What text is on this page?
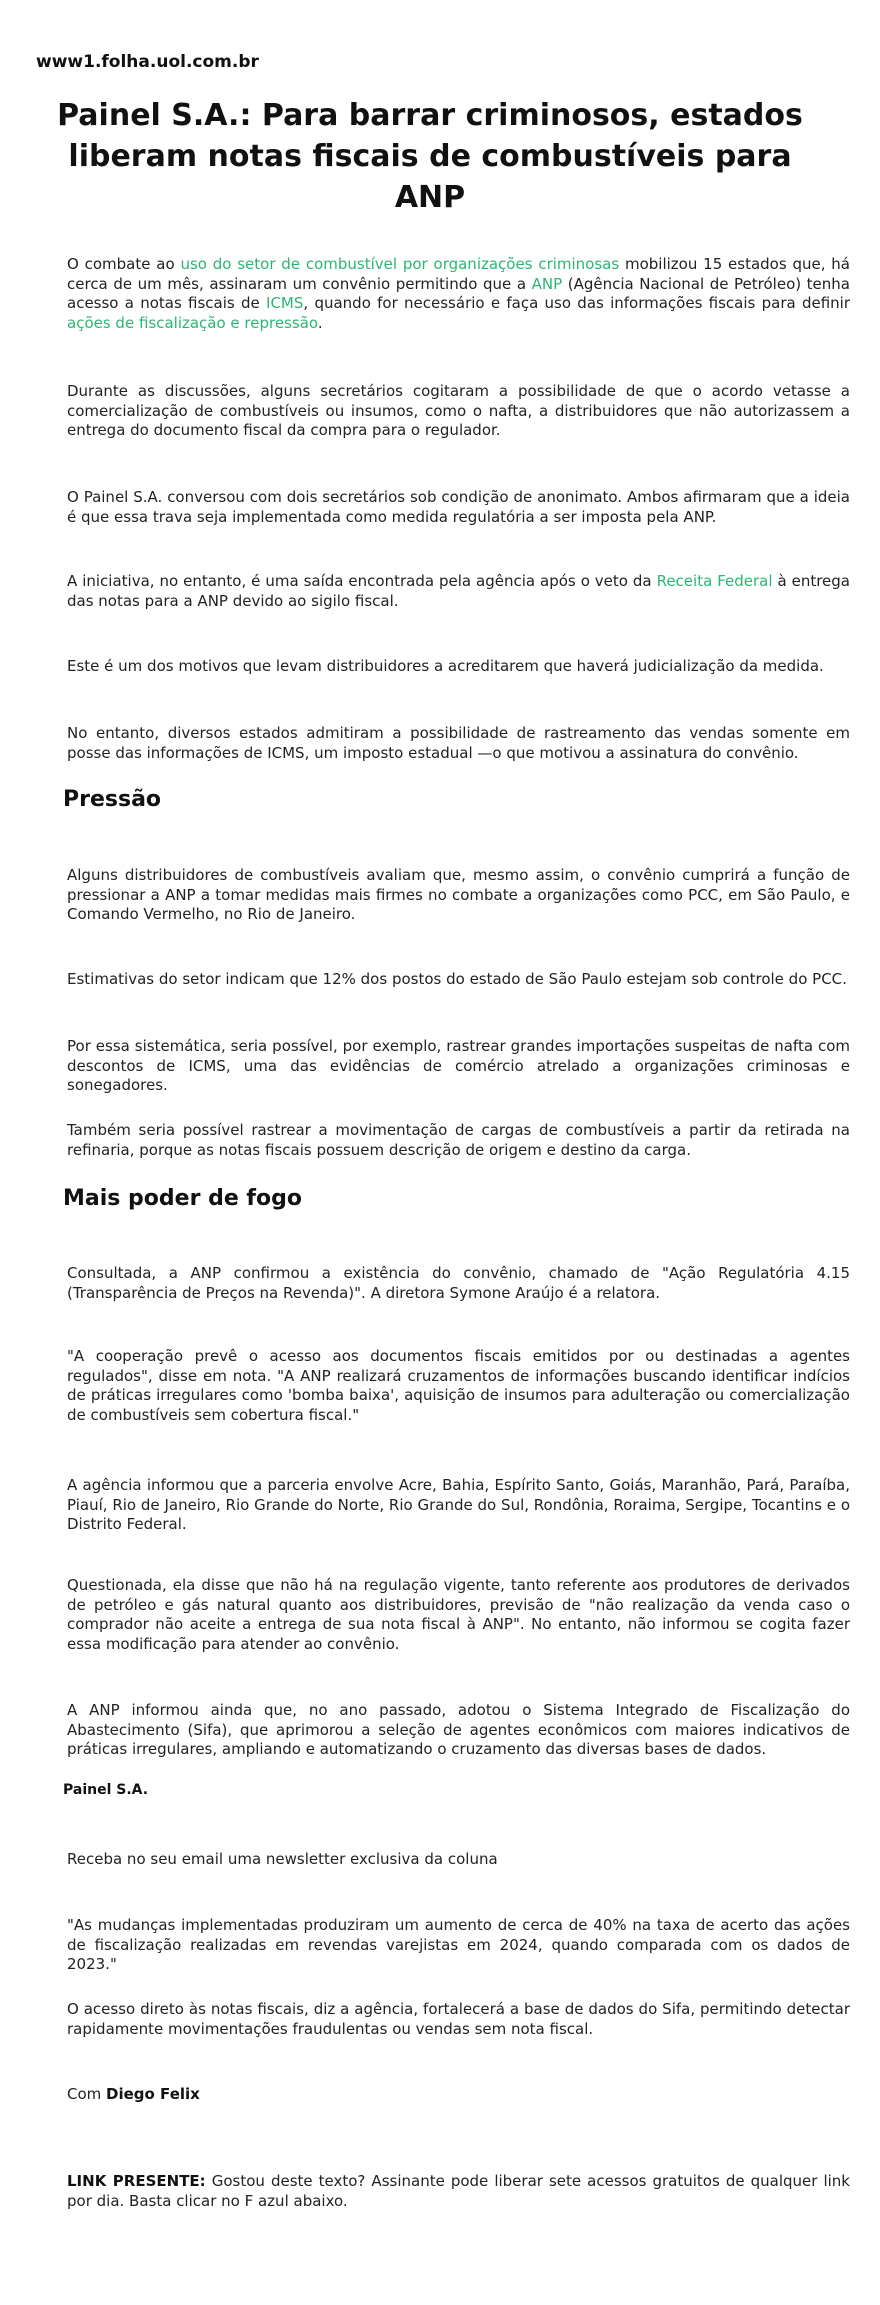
www1.folha.uol.com.br
Painel S.A.: Para barrar criminosos, estados liberam notas fiscais de combustíveis para ANP

O combate ao uso do setor de combustível por organizações criminosas mobilizou 15 estados que, há cerca de um mês, assinaram um convênio permitindo que a ANP (Agência Nacional de Petróleo) tenha acesso a notas fiscais de ICMS, quando for necessário e faça uso das informações fiscais para definir ações de fiscalização e repressão.

Durante as discussões, alguns secretários cogitaram a possibilidade de que o acordo vetasse a comercialização de combustíveis ou insumos, como o nafta, a distribuidores que não autorizassem a entrega do documento fiscal da compra para o regulador.

O Painel S.A. conversou com dois secretários sob condição de anonimato. Ambos afirmaram que a ideia é que essa trava seja implementada como medida regulatória a ser imposta pela ANP.

A iniciativa, no entanto, é uma saída encontrada pela agência após o veto da Receita Federal à entrega das notas para a ANP devido ao sigilo fiscal.

Este é um dos motivos que levam distribuidores a acreditarem que haverá judicialização da medida.

No entanto, diversos estados admitiram a possibilidade de rastreamento das vendas somente em posse das informações de ICMS, um imposto estadual —o que motivou a assinatura do convênio.

Pressão

Alguns distribuidores de combustíveis avaliam que, mesmo assim, o convênio cumprirá a função de pressionar a ANP a tomar medidas mais firmes no combate a organizações como PCC, em São Paulo, e Comando Vermelho, no Rio de Janeiro.

Estimativas do setor indicam que 12% dos postos do estado de São Paulo estejam sob controle do PCC.

Por essa sistemática, seria possível, por exemplo, rastrear grandes importações suspeitas de nafta com descontos de ICMS, uma das evidências de comércio atrelado a organizações criminosas e sonegadores.

Também seria possível rastrear a movimentação de cargas de combustíveis a partir da retirada na refinaria, porque as notas fiscais possuem descrição de origem e destino da carga.

Mais poder de fogo

Consultada, a ANP confirmou a existência do convênio, chamado de "Ação Regulatória 4.15 (Transparência de Preços na Revenda)". A diretora Symone Araújo é a relatora.

"A cooperação prevê o acesso aos documentos fiscais emitidos por ou destinadas a agentes regulados", disse em nota. "A ANP realizará cruzamentos de informações buscando identificar indícios de práticas irregulares como 'bomba baixa', aquisição de insumos para adulteração ou comercialização de combustíveis sem cobertura fiscal."

A agência informou que a parceria envolve Acre, Bahia, Espírito Santo, Goiás, Maranhão, Pará, Paraíba, Piauí, Rio de Janeiro, Rio Grande do Norte, Rio Grande do Sul, Rondônia, Roraima, Sergipe, Tocantins e o Distrito Federal.

Questionada, ela disse que não há na regulação vigente, tanto referente aos produtores de derivados de petróleo e gás natural quanto aos distribuidores, previsão de "não realização da venda caso o comprador não aceite a entrega de sua nota fiscal à ANP". No entanto, não informou se cogita fazer essa modificação para atender ao convênio.

A ANP informou ainda que, no ano passado, adotou o Sistema Integrado de Fiscalização do Abastecimento (Sifa), que aprimorou a seleção de agentes econômicos com maiores indicativos de práticas irregulares, ampliando e automatizando o cruzamento das diversas bases de dados.

Painel S.A.

Receba no seu email uma newsletter exclusiva da coluna

"As mudanças implementadas produziram um aumento de cerca de 40% na taxa de acerto das ações de fiscalização realizadas em revendas varejistas em 2024, quando comparada com os dados de 2023."

O acesso direto às notas fiscais, diz a agência, fortalecerá a base de dados do Sifa, permitindo detectar rapidamente movimentações fraudulentas ou vendas sem nota fiscal.

Com Diego Felix

LINK PRESENTE: Gostou deste texto? Assinante pode liberar sete acessos gratuitos de qualquer link por dia. Basta clicar no F azul abaixo.
